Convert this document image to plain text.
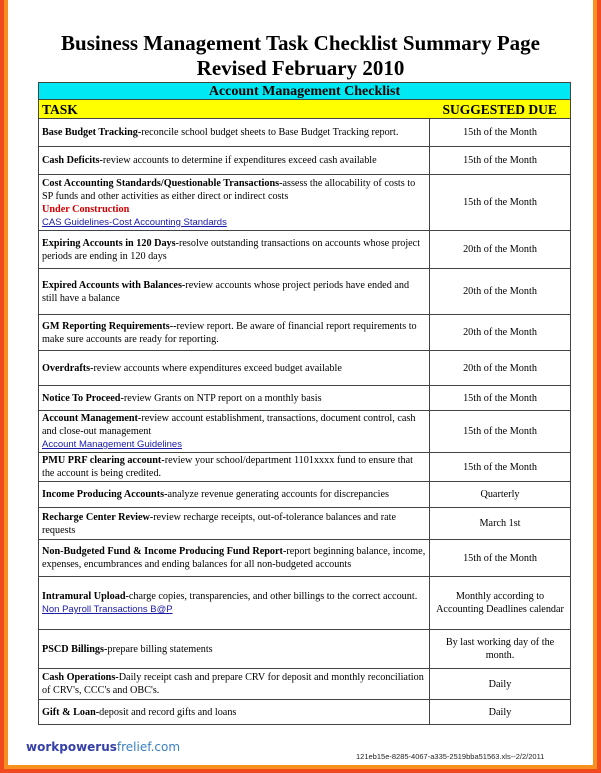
Business Management Task Checklist Summary Page
Revised February 2010
Account Management Checklist	
TASK	SUGGESTED DUE
Base Budget Tracking-reconcile school budget sheets to Base Budget Tracking report.	15th of the Month
Cash Deficits-review accounts to determine if expenditures exceed cash available	15th of the Month
Cost Accounting Standards/Questionable Transactions-assess the allocability of costs to SP funds and other activities as either direct or indirect costs
Under Construction
CAS Guidelines-Cost Accounting Standards	15th of the Month
Expiring Accounts in 120 Days-resolve outstanding transactions on accounts whose project periods are ending in 120 days	20th of the Month
Expired Accounts with Balances-review accounts whose project periods have ended and still have a balance	20th of the Month
GM Reporting Requirements--review report. Be aware of financial report requirements to make sure accounts are ready for reporting.	20th of the Month
Overdrafts-review accounts where expenditures exceed budget available	20th of the Month
Notice To Proceed-review Grants on NTP report on a monthly basis	15th of the Month
Account Management-review account establishment, transactions, document control, cash and close-out management
Account Management Guidelines	15th of the Month
PMU PRF clearing account-review your school/department 1101xxxx fund to ensure that the account is being credited.	15th of the Month
Income Producing Accounts-analyze revenue generating accounts for discrepancies	Quarterly
Recharge Center Review-review recharge receipts, out-of-tolerance balances and rate requests	March 1st
Non-Budgeted Fund & Income Producing Fund Report-report beginning balance, income, expenses, encumbrances and ending balances for all non-budgeted accounts	15th of the Month
Intramural Upload-charge copies, transparencies, and other billings to the correct account.
Non Payroll Transactions B@P	Monthly according to Accounting Deadlines calendar
PSCD Billings-prepare billing statements	By last working day of the month.
Cash Operations-Daily receipt cash and prepare CRV for deposit and monthly reconciliation of CRV's, CCC's and OBC's.	Daily
Gift & Loan-deposit and record gifts and loans	Daily
workpowerusfrelief.com
121eb15e-8285-4067-a335-2519bba51563.xls--2/2/2011
